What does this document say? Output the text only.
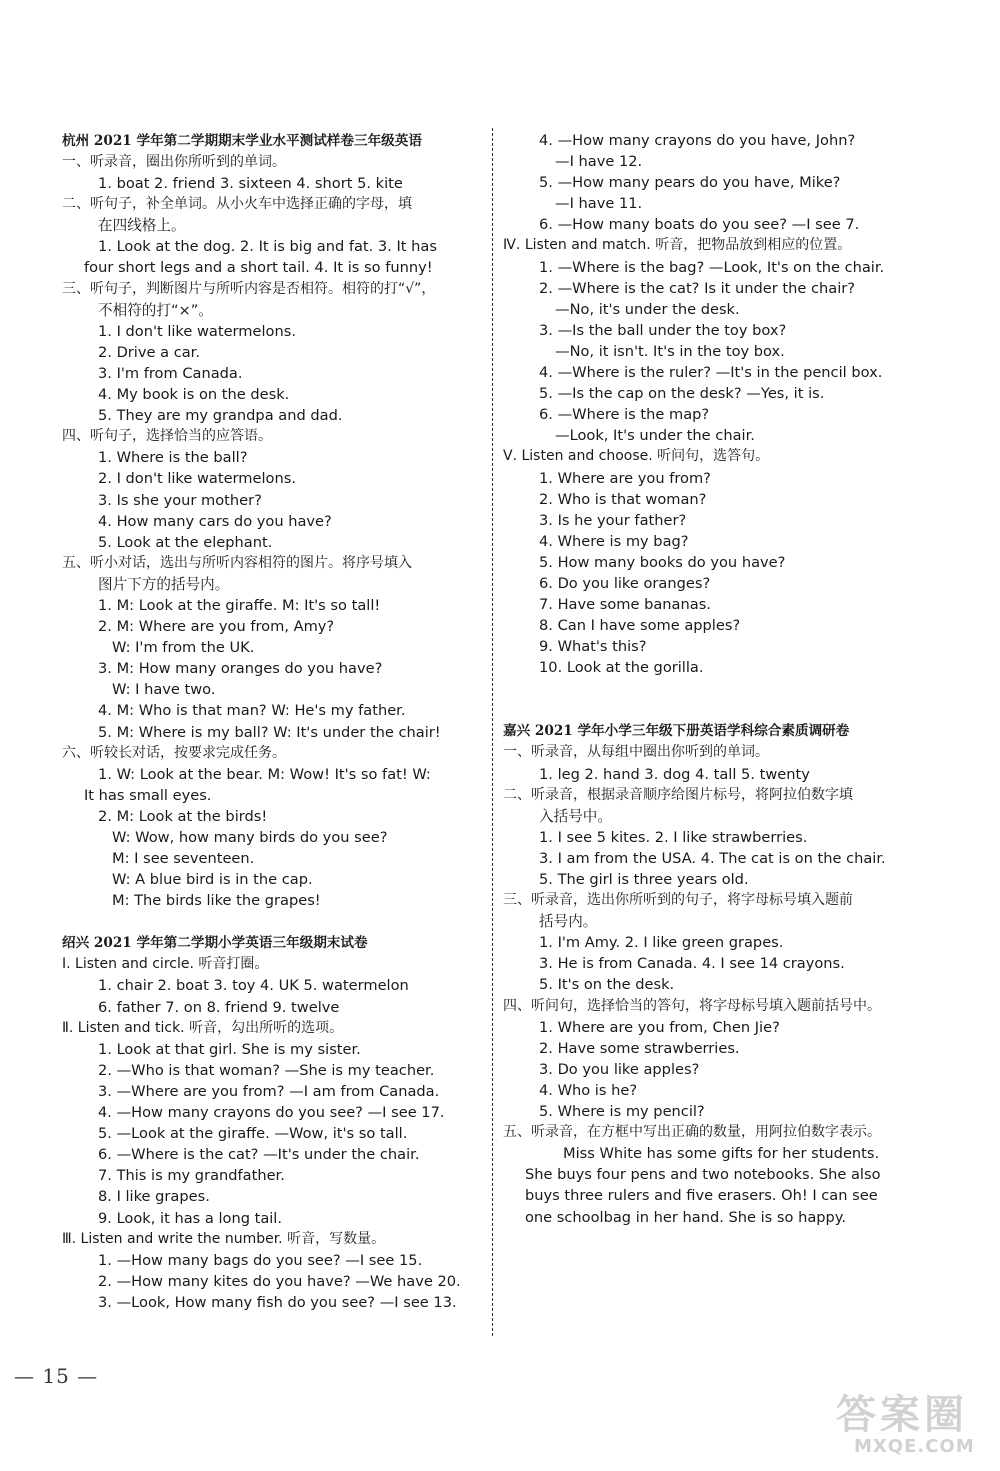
杭州 2021 学年第二学期期末学业水平测试样卷三年级英语
一、听录音，圈出你所听到的单词。
1. boat 2. friend 3. sixteen 4. short 5. kite
二、听句子，补全单词。从小火车中选择正确的字母，填
在四线格上。
1. Look at the dog. 2. It is big and fat. 3. It has
four short legs and a short tail. 4. It is so funny!
三、听句子，判断图片与所听内容是否相符。相符的打“√”，
不相符的打“×”。
1. I don't like watermelons.
2. Drive a car.
3. I'm from Canada.
4. My book is on the desk.
5. They are my grandpa and dad.
四、听句子，选择恰当的应答语。
1. Where is the ball?
2. I don't like watermelons.
3. Is she your mother?
4. How many cars do you have?
5. Look at the elephant.
五、听小对话，选出与所听内容相符的图片。将序号填入
图片下方的括号内。
1. M: Look at the giraffe. M: It's so tall!
2. M: Where are you from, Amy?
W: I'm from the UK.
3. M: How many oranges do you have?
W: I have two.
4. M: Who is that man? W: He's my father.
5. M: Where is my ball? W: It's under the chair!
六、听较长对话，按要求完成任务。
1. W: Look at the bear. M: Wow! It's so fat! W:
It has small eyes.
2. M: Look at the birds!
W: Wow, how many birds do you see?
M: I see seventeen.
W: A blue bird is in the cap.
M: The birds like the grapes!
绍兴 2021 学年第二学期小学英语三年级期末试卷
Ⅰ. Listen and circle. 听音打圈。
1. chair 2. boat 3. toy 4. UK 5. watermelon
6. father 7. on 8. friend 9. twelve
Ⅱ. Listen and tick. 听音，勾出所听的选项。
1. Look at that girl. She is my sister.
2. —Who is that woman? —She is my teacher.
3. —Where are you from? —I am from Canada.
4. —How many crayons do you see? —I see 17.
5. —Look at the giraffe. —Wow, it's so tall.
6. —Where is the cat? —It's under the chair.
7. This is my grandfather.
8. I like grapes.
9. Look, it has a long tail.
Ⅲ. Listen and write the number. 听音，写数量。
1. —How many bags do you see? —I see 15.
2. —How many kites do you have? —We have 20.
3. —Look, How many fish do you see? —I see 13.
4. —How many crayons do you have, John?
—I have 12.
5. —How many pears do you have, Mike?
—I have 11.
6. —How many boats do you see? —I see 7.
Ⅳ. Listen and match. 听音，把物品放到相应的位置。
1. —Where is the bag? —Look, It's on the chair.
2. —Where is the cat? Is it under the chair?
—No, it's under the desk.
3. —Is the ball under the toy box?
—No, it isn't. It's in the toy box.
4. —Where is the ruler? —It's in the pencil box.
5. —Is the cap on the desk? —Yes, it is.
6. —Where is the map?
—Look, It's under the chair.
Ⅴ. Listen and choose. 听问句，选答句。
1. Where are you from?
2. Who is that woman?
3. Is he your father?
4. Where is my bag?
5. How many books do you have?
6. Do you like oranges?
7. Have some bananas.
8. Can I have some apples?
9. What's this?
10. Look at the gorilla.
嘉兴 2021 学年小学三年级下册英语学科综合素质调研卷
一、听录音，从每组中圈出你听到的单词。
1. leg 2. hand 3. dog 4. tall 5. twenty
二、听录音，根据录音顺序给图片标号，将阿拉伯数字填
入括号中。
1. I see 5 kites. 2. I like strawberries.
3. I am from the USA. 4. The cat is on the chair.
5. The girl is three years old.
三、听录音，选出你所听到的句子，将字母标号填入题前
括号内。
1. I'm Amy. 2. I like green grapes.
3. He is from Canada. 4. I see 14 crayons.
5. It's on the desk.
四、听问句，选择恰当的答句，将字母标号填入题前括号中。
1. Where are you from, Chen Jie?
2. Have some strawberries.
3. Do you like apples?
4. Who is he?
5. Where is my pencil?
五、听录音，在方框中写出正确的数量，用阿拉伯数字表示。
Miss White has some gifts for her students.
She buys four pens and two notebooks. She also
buys three rulers and five erasers. Oh! I can see
one schoolbag in her hand. She is so happy.
— 15 —
答案圈
MXQE.COM
